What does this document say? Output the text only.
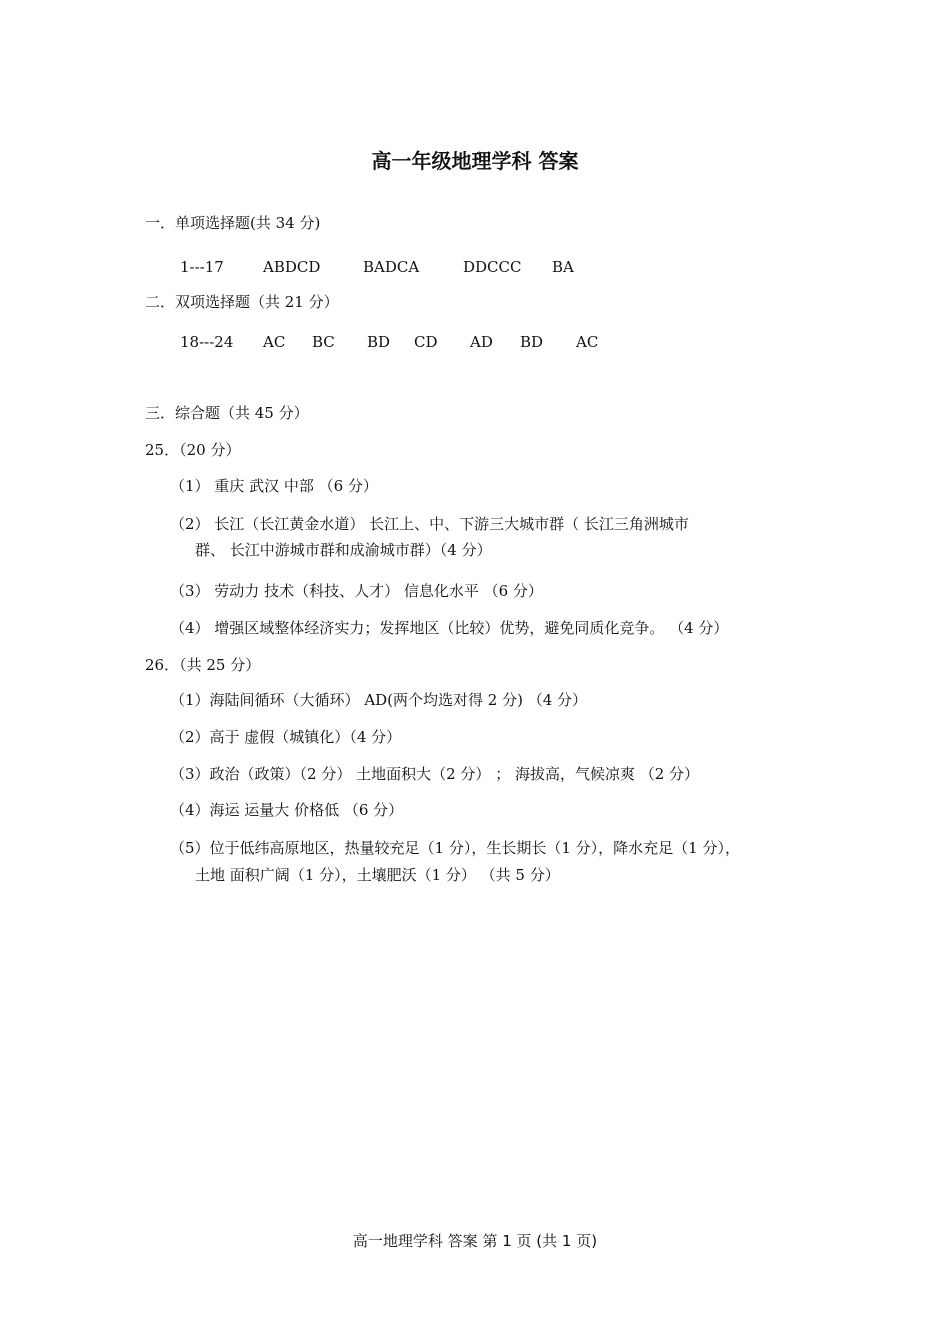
高一年级地理学科 答案
一．单项选择题(共 34 分)
1---17	ABDCD	BADCA	DDCCC BA
二．双项选择题（共 21 分）
18---24 AC BC BD CD AD BD AC
三．综合题（共 45 分）
25．（20 分）
（1） 重庆 武汉 中部 （6 分）
（2） 长江（长江黄金水道） 长江上、中、下游三大城市群（ 长江三角洲城市
群、 长江中游城市群和成渝城市群）（4 分）
（3） 劳动力 技术（科技、人才） 信息化水平 （6 分）
（4） 增强区域整体经济实力；发挥地区（比较）优势，避免同质化竞争。 （4 分）
26．（共 25 分）
（1）海陆间循环（大循环） AD(两个均选对得 2 分) （4 分）
（2）高于 虚假（城镇化）（4 分）
（3）政治（政策）（2 分） 土地面积大（2 分） ； 海拔高，气候凉爽 （2 分）
（4）海运 运量大 价格低 （6 分）
（5）位于低纬高原地区，热量较充足（1 分），生长期长（1 分），降水充足（1 分），
土地 面积广阔（1 分），土壤肥沃（1 分） （共 5 分）
高一地理学科 答案 第 1 页 (共 1 页)
